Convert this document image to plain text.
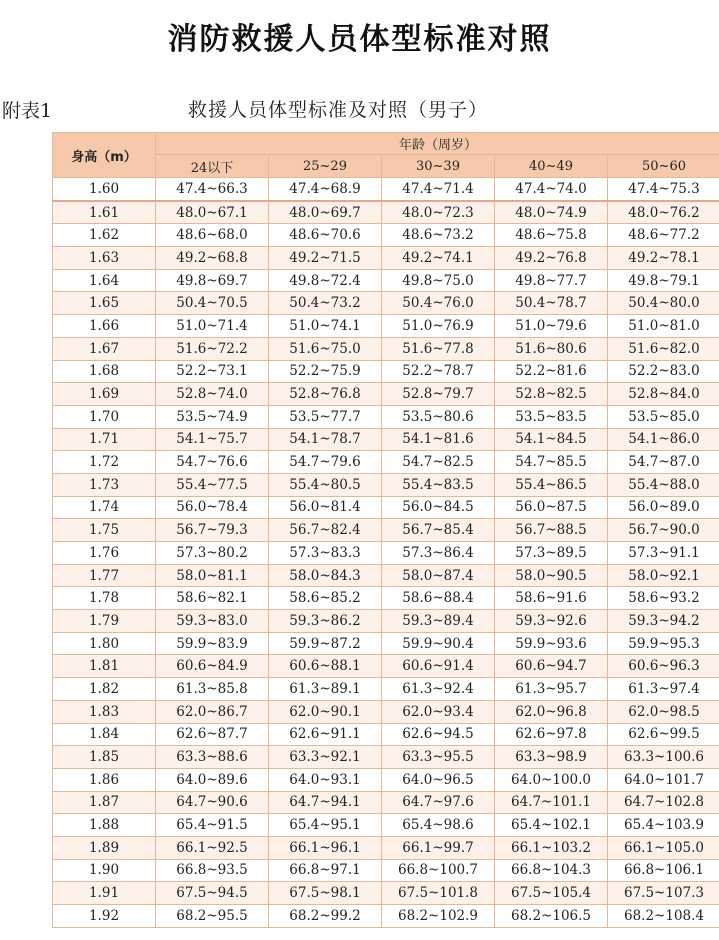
消防救援人员体型标准对照
附表1	救援人员体型标准及对照（男子）
身高（m）	年龄（周岁）				
	24以下	25~29	30~39	40~49	50~60
1.60	47.4~66.3	47.4~68.9	47.4~71.4	47.4~74.0	47.4~75.3
1.61	48.0~67.1	48.0~69.7	48.0~72.3	48.0~74.9	48.0~76.2
1.62	48.6~68.0	48.6~70.6	48.6~73.2	48.6~75.8	48.6~77.2
1.63	49.2~68.8	49.2~71.5	49.2~74.1	49.2~76.8	49.2~78.1
1.64	49.8~69.7	49.8~72.4	49.8~75.0	49.8~77.7	49.8~79.1
1.65	50.4~70.5	50.4~73.2	50.4~76.0	50.4~78.7	50.4~80.0
1.66	51.0~71.4	51.0~74.1	51.0~76.9	51.0~79.6	51.0~81.0
1.67	51.6~72.2	51.6~75.0	51.6~77.8	51.6~80.6	51.6~82.0
1.68	52.2~73.1	52.2~75.9	52.2~78.7	52.2~81.6	52.2~83.0
1.69	52.8~74.0	52.8~76.8	52.8~79.7	52.8~82.5	52.8~84.0
1.70	53.5~74.9	53.5~77.7	53.5~80.6	53.5~83.5	53.5~85.0
1.71	54.1~75.7	54.1~78.7	54.1~81.6	54.1~84.5	54.1~86.0
1.72	54.7~76.6	54.7~79.6	54.7~82.5	54.7~85.5	54.7~87.0
1.73	55.4~77.5	55.4~80.5	55.4~83.5	55.4~86.5	55.4~88.0
1.74	56.0~78.4	56.0~81.4	56.0~84.5	56.0~87.5	56.0~89.0
1.75	56.7~79.3	56.7~82.4	56.7~85.4	56.7~88.5	56.7~90.0
1.76	57.3~80.2	57.3~83.3	57.3~86.4	57.3~89.5	57.3~91.1
1.77	58.0~81.1	58.0~84.3	58.0~87.4	58.0~90.5	58.0~92.1
1.78	58.6~82.1	58.6~85.2	58.6~88.4	58.6~91.6	58.6~93.2
1.79	59.3~83.0	59.3~86.2	59.3~89.4	59.3~92.6	59.3~94.2
1.80	59.9~83.9	59.9~87.2	59.9~90.4	59.9~93.6	59.9~95.3
1.81	60.6~84.9	60.6~88.1	60.6~91.4	60.6~94.7	60.6~96.3
1.82	61.3~85.8	61.3~89.1	61.3~92.4	61.3~95.7	61.3~97.4
1.83	62.0~86.7	62.0~90.1	62.0~93.4	62.0~96.8	62.0~98.5
1.84	62.6~87.7	62.6~91.1	62.6~94.5	62.6~97.8	62.6~99.5
1.85	63.3~88.6	63.3~92.1	63.3~95.5	63.3~98.9	63.3~100.6
1.86	64.0~89.6	64.0~93.1	64.0~96.5	64.0~100.0	64.0~101.7
1.87	64.7~90.6	64.7~94.1	64.7~97.6	64.7~101.1	64.7~102.8
1.88	65.4~91.5	65.4~95.1	65.4~98.6	65.4~102.1	65.4~103.9
1.89	66.1~92.5	66.1~96.1	66.1~99.7	66.1~103.2	66.1~105.0
1.90	66.8~93.5	66.8~97.1	66.8~100.7	66.8~104.3	66.8~106.1
1.91	67.5~94.5	67.5~98.1	67.5~101.8	67.5~105.4	67.5~107.3
1.92	68.2~95.5	68.2~99.2	68.2~102.9	68.2~106.5	68.2~108.4
